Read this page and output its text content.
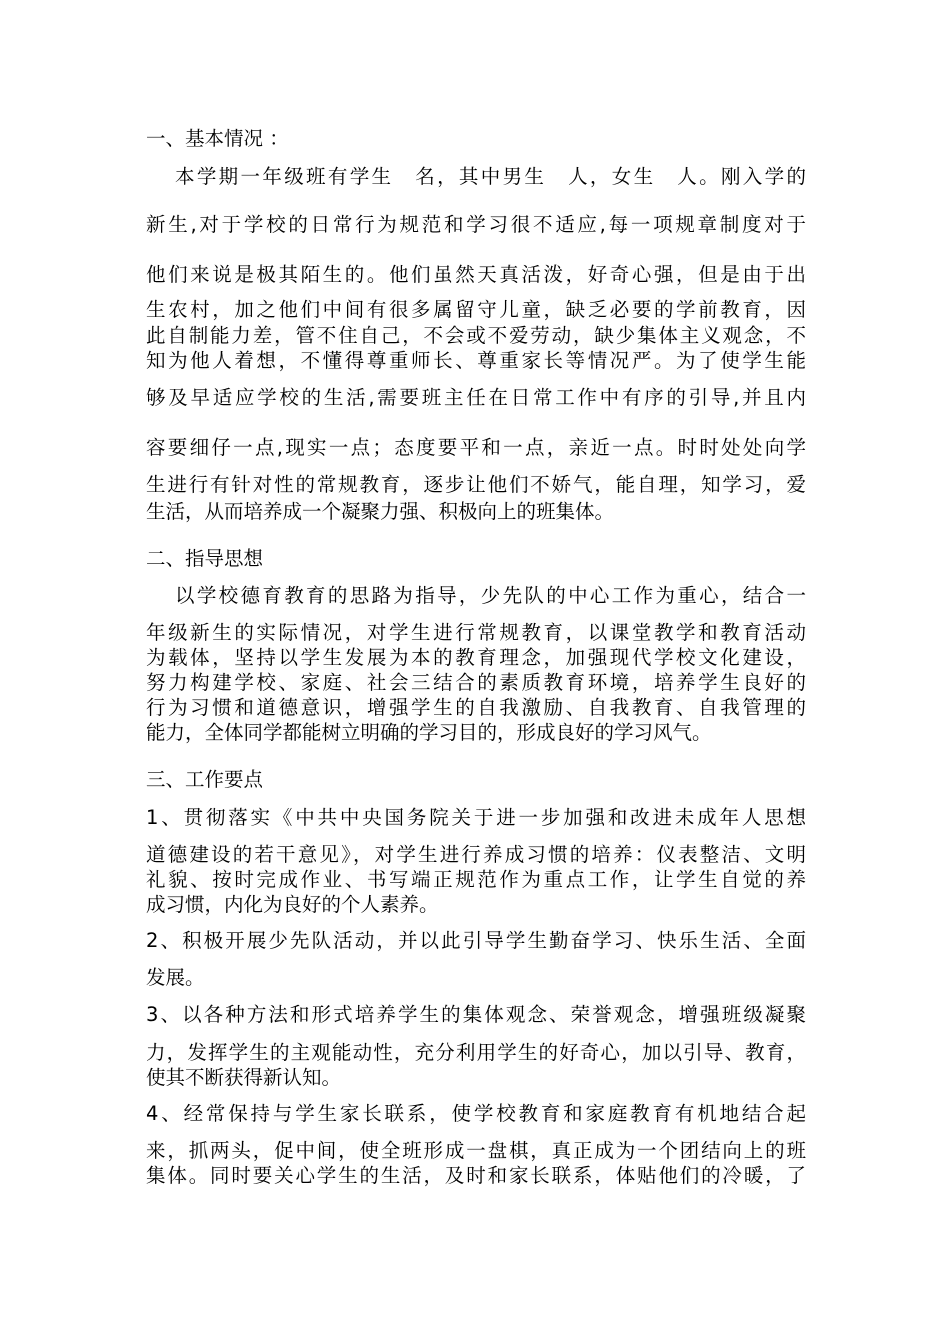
一、基本情况 ：

本学期一年级班有学生　名，其中男生　人，女生　人。刚入学的

新生,对于学校的日常行为规范和学习很不适应,每一项规章制度对于

他们来说是极其陌生的。他们虽然天真活泼，好奇心强，但是由于出

生农村，加之他们中间有很多属留守儿童，缺乏必要的学前教育，因

此自制能力差，管不住自己，不会或不爱劳动，缺少集体主义观念，不

知为他人着想，不懂得尊重师长、尊重家长等情况严。为了使学生能

够及早适应学校的生活,需要班主任在日常工作中有序的引导,并且内

容要细仔一点,现实一点；态度要平和一点，亲近一点。时时处处向学

生进行有针对性的常规教育，逐步让他们不娇气，能自理，知学习，爱

生活，从而培养成一个凝聚力强、积极向上的班集体。

二、指导思想

以学校德育教育的思路为指导，少先队的中心工作为重心，结合一

年级新生的实际情况，对学生进行常规教育，以课堂教学和教育活动

为载体，坚持以学生发展为本的教育理念，加强现代学校文化建设，

努力构建学校、家庭、社会三结合的素质教育环境，培养学生良好的

行为习惯和道德意识，增强学生的自我激励、自我教育、自我管理的

能力，全体同学都能树立明确的学习目的，形成良好的学习风气。

三、工作要点

1、贯彻落实《中共中央国务院关于进一步加强和改进未成年人思想

道德建设的若干意见》，对学生进行养成习惯的培养：仪表整洁、文明

礼貌、按时完成作业、书写端正规范作为重点工作，让学生自觉的养

成习惯，内化为良好的个人素养。

2、积极开展少先队活动，并以此引导学生勤奋学习、快乐生活、全面

发展。

3、以各种方法和形式培养学生的集体观念、荣誉观念，增强班级凝聚

力，发挥学生的主观能动性，充分利用学生的好奇心，加以引导、教育，

使其不断获得新认知。

4、经常保持与学生家长联系，使学校教育和家庭教育有机地结合起

来，抓两头，促中间，使全班形成一盘棋，真正成为一个团结向上的班

集体。同时要关心学生的生活，及时和家长联系，体贴他们的冷暖，了
